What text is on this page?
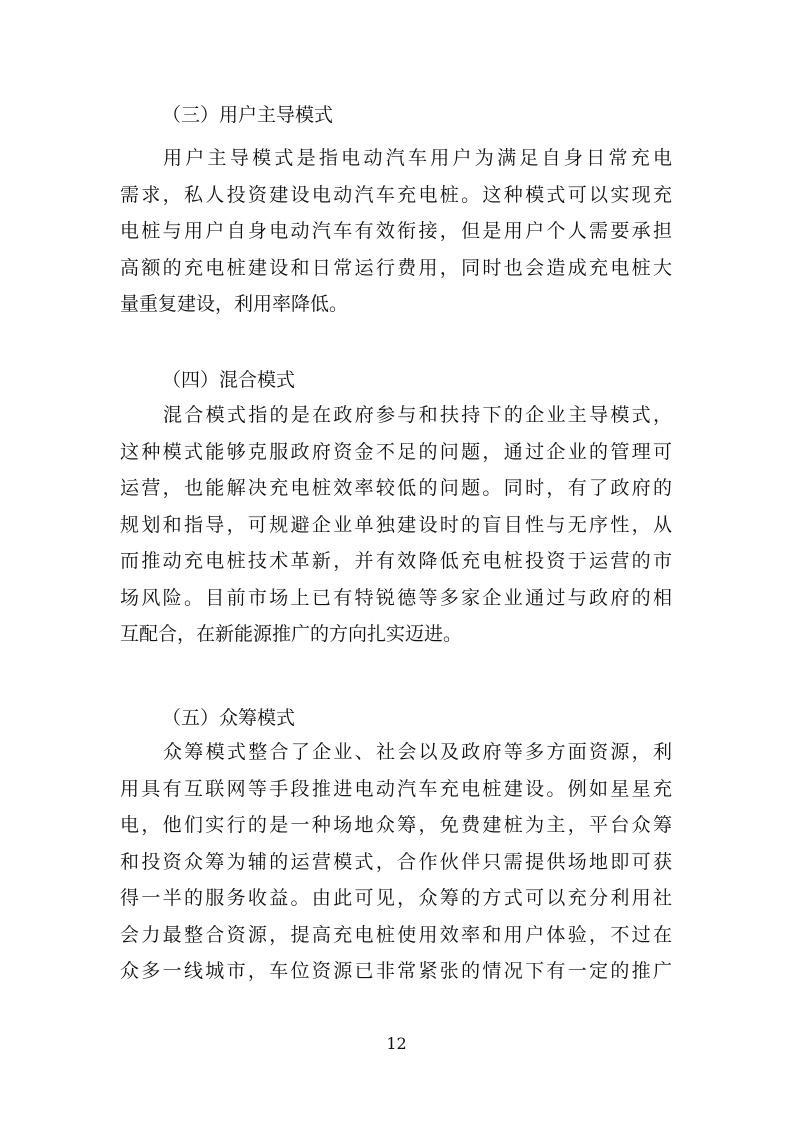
（三）用户主导模式
用户主导模式是指电动汽车用户为满足自身日常充电
需求，私人投资建设电动汽车充电桩。这种模式可以实现充
电桩与用户自身电动汽车有效衔接，但是用户个人需要承担
高额的充电桩建设和日常运行费用，同时也会造成充电桩大
量重复建设，利用率降低。
（四）混合模式
混合模式指的是在政府参与和扶持下的企业主导模式，
这种模式能够克服政府资金不足的问题，通过企业的管理可
运营，也能解决充电桩效率较低的问题。同时，有了政府的
规划和指导，可规避企业单独建设时的盲目性与无序性，从
而推动充电桩技术革新，并有效降低充电桩投资于运营的市
场风险。目前市场上已有特锐德等多家企业通过与政府的相
互配合，在新能源推广的方向扎实迈进。
（五）众筹模式
众筹模式整合了企业、社会以及政府等多方面资源，利
用具有互联网等手段推进电动汽车充电桩建设。例如星星充
电，他们实行的是一种场地众筹，免费建桩为主，平台众筹
和投资众筹为辅的运营模式，合作伙伴只需提供场地即可获
得一半的服务收益。由此可见，众筹的方式可以充分利用社
会力最整合资源，提高充电桩使用效率和用户体验，不过在
众多一线城市，车位资源已非常紧张的情况下有一定的推广
12
